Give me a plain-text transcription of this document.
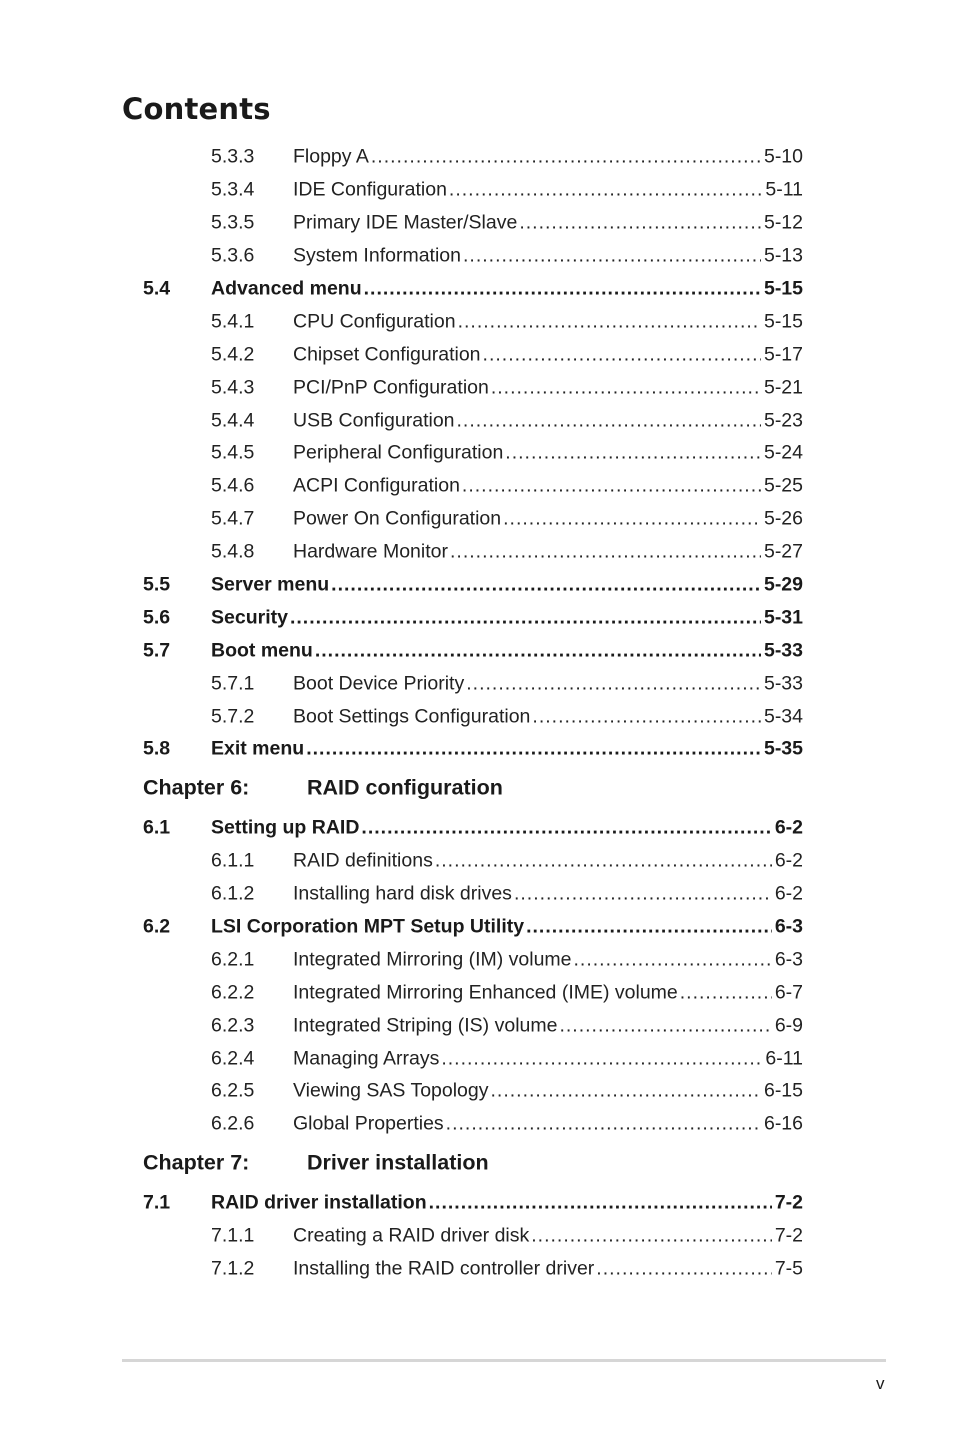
Contents
5.3.3 Floppy A .....	5-10
5.3.4 IDE Configuration .....	5-11
5.3.5 Primary IDE Master/Slave .....	5-12
5.3.6 System Information .....	5-13
5.4 Advanced menu .....	5-15
5.4.1 CPU Configuration .....	5-15
5.4.2 Chipset Configuration .....	5-17
5.4.3 PCI/PnP Configuration .....	5-21
5.4.4 USB Configuration .....	5-23
5.4.5 Peripheral Configuration .....	5-24
5.4.6 ACPI Configuration .....	5-25
5.4.7 Power On Configuration .....	5-26
5.4.8 Hardware Monitor .....	5-27
5.5 Server menu .....	5-29
5.6 Security .....	5-31
5.7 Boot menu .....	5-33
5.7.1 Boot Device Priority .....	5-33
5.7.2 Boot Settings Configuration .....	5-34
5.8 Exit menu .....	5-35
Chapter 6:	RAID configuration
6.1 Setting up RAID .....	6-2
6.1.1 RAID definitions .....	6-2
6.1.2 Installing hard disk drives .....	6-2
6.2 LSI Corporation MPT Setup Utility .....	6-3
6.2.1 Integrated Mirroring (IM) volume .....	6-3
6.2.2 Integrated Mirroring Enhanced (IME) volume .....	6-7
6.2.3 Integrated Striping (IS) volume .....	6-9
6.2.4 Managing Arrays .....	6-11
6.2.5 Viewing SAS Topology .....	6-15
6.2.6 Global Properties .....	6-16
Chapter 7:	Driver installation
7.1 RAID driver installation .....	7-2
7.1.1 Creating a RAID driver disk .....	7-2
7.1.2 Installing the RAID controller driver .....	7-5
v
